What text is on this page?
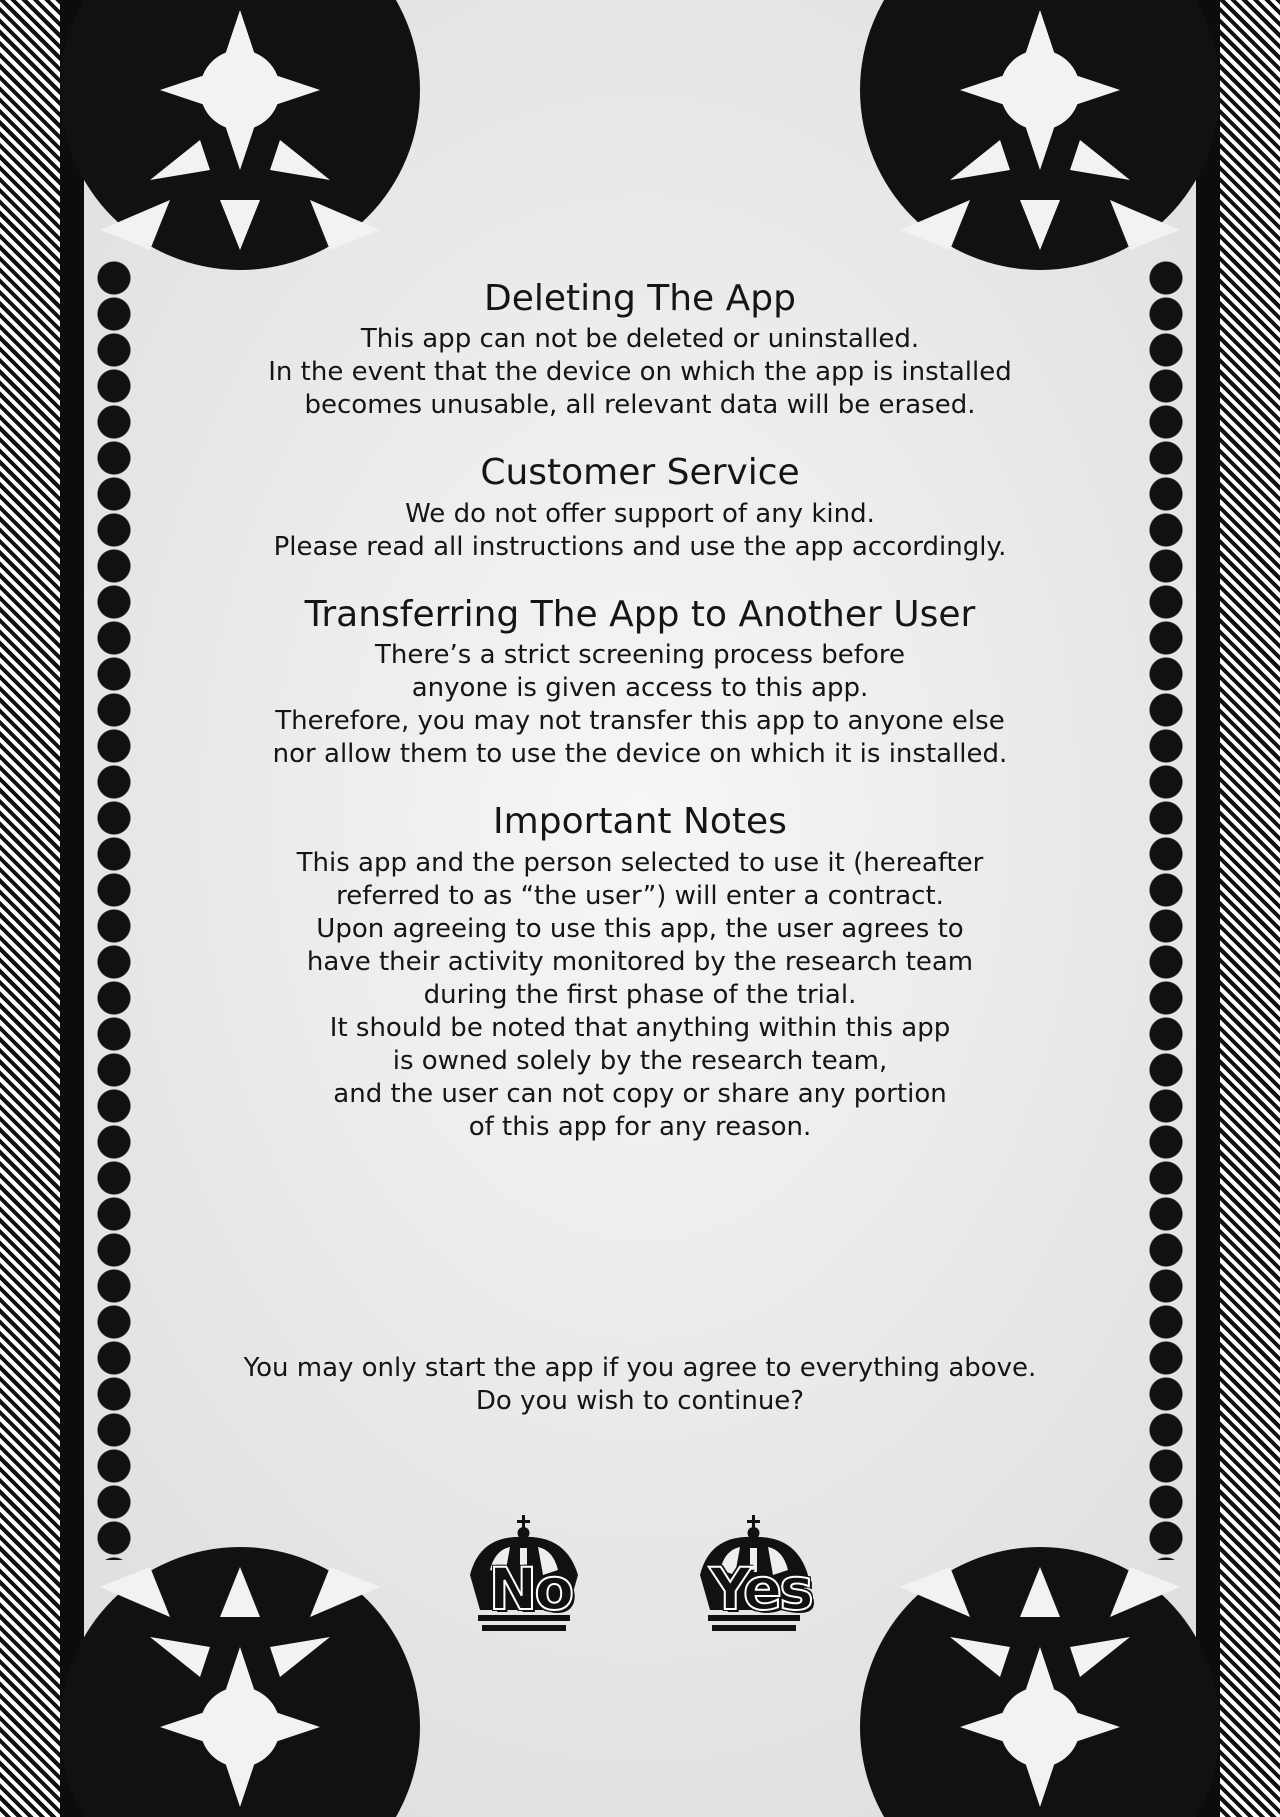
Deleting The App

This app can not be deleted or uninstalled.

In the event that the device on which the app is installed

becomes unusable, all relevant data will be erased.

Customer Service

We do not offer support of any kind.

Please read all instructions and use the app accordingly.

Transferring The App to Another User

There’s a strict screening process before

anyone is given access to this app.

Therefore, you may not transfer this app to anyone else

nor allow them to use the device on which it is installed.

Important Notes

This app and the person selected to use it (hereafter

referred to as “the user”) will enter a contract.

Upon agreeing to use this app, the user agrees to

have their activity monitored by the research team

during the first phase of the trial.

It should be noted that anything within this app

is owned solely by the research team,

and the user can not copy or share any portion

of this app for any reason.

You may only start the app if you agree to everything above.

Do you wish to continue?

No	Yes
